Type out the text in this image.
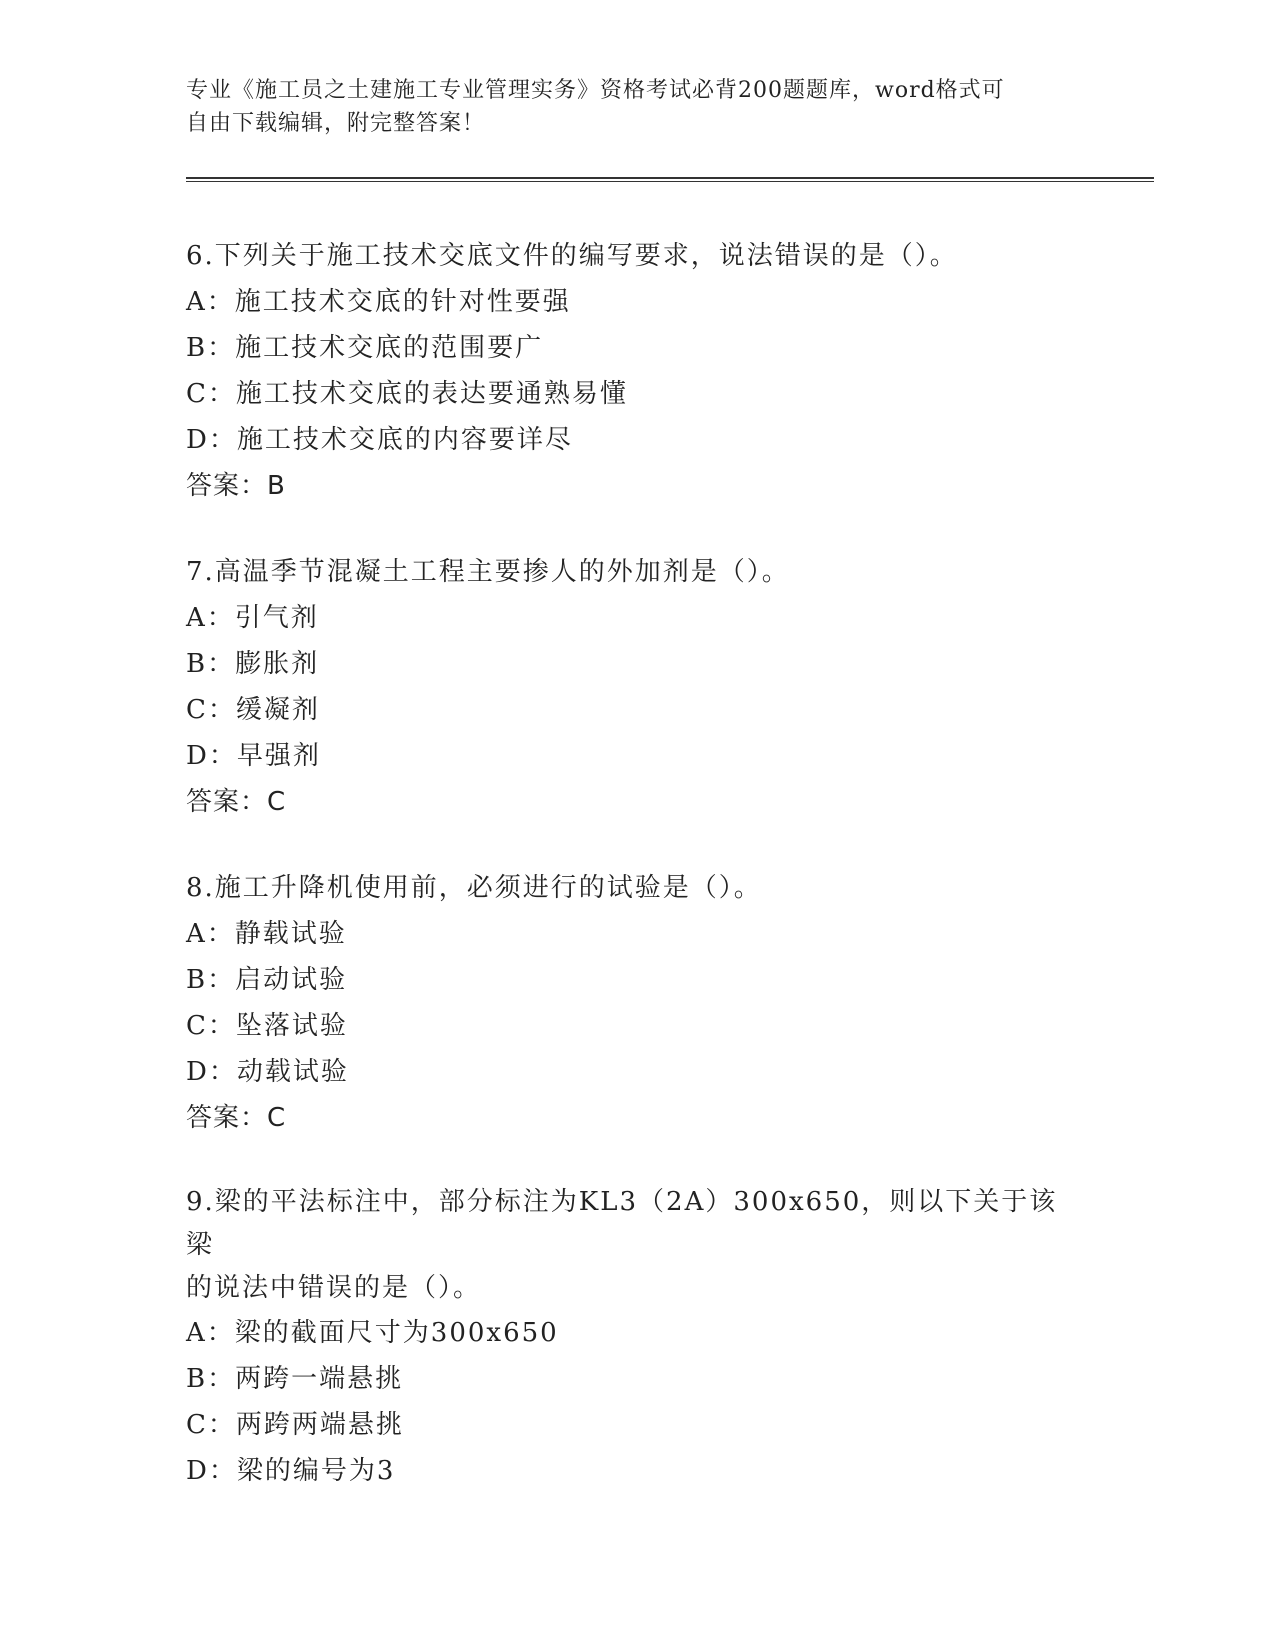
专业《施工员之土建施工专业管理实务》资格考试必背200题题库，word格式可
自由下载编辑，附完整答案！
6.下列关于施工技术交底文件的编写要求，说法错误的是（）。
A：施工技术交底的针对性要强
B：施工技术交底的范围要广
C：施工技术交底的表达要通熟易懂
D：施工技术交底的内容要详尽
答案：B
7.高温季节混凝土工程主要掺人的外加剂是（）。
A：引气剂
B：膨胀剂
C：缓凝剂
D：早强剂
答案：C
8.施工升降机使用前，必须进行的试验是（）。
A：静载试验
B：启动试验
C：坠落试验
D：动载试验
答案：C
9.梁的平法标注中，部分标注为KL3（2A）300x650，则以下关于该梁
的说法中错误的是（）。
A：梁的截面尺寸为300x650
B：两跨一端悬挑
C：两跨两端悬挑
D：梁的编号为3
